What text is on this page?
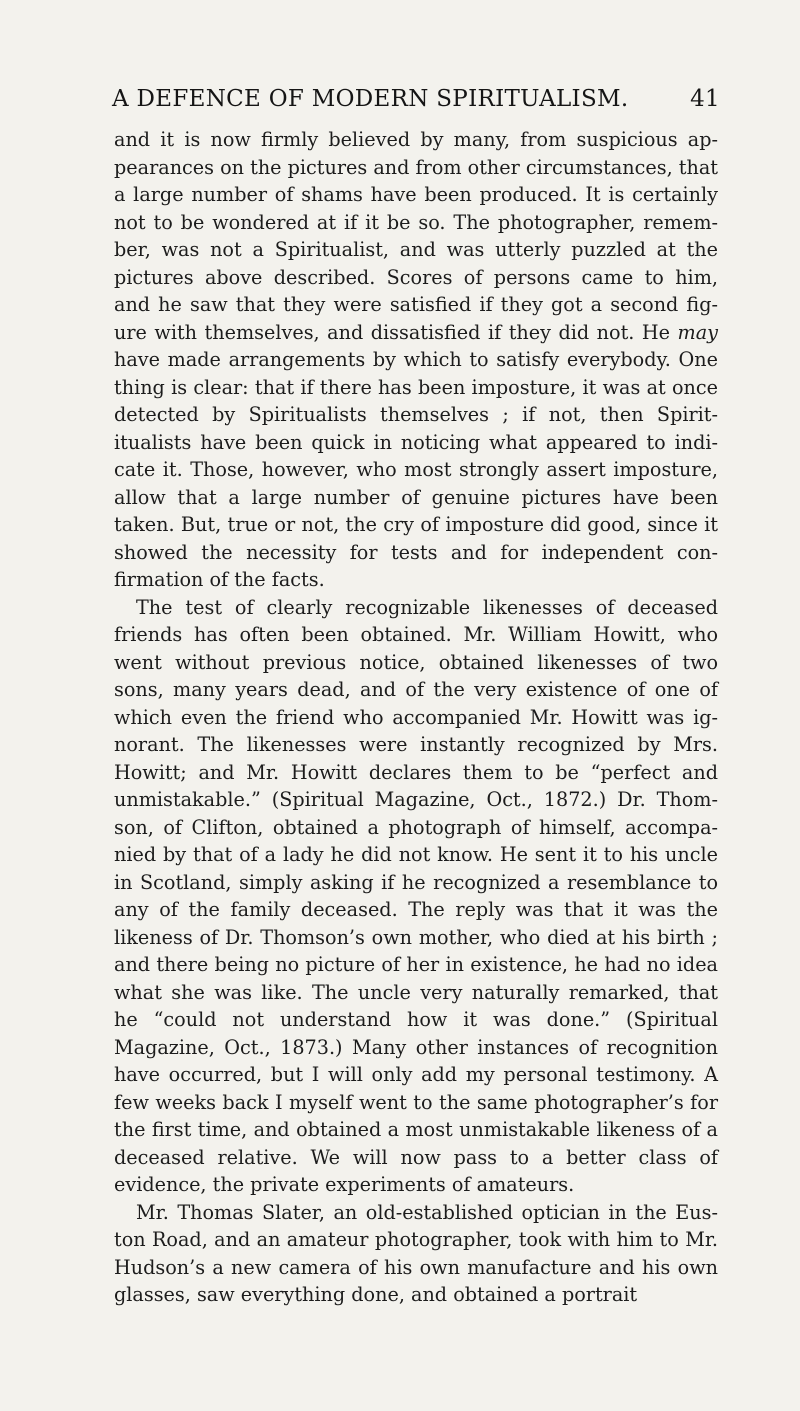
A DEFENCE OF MODERN SPIRITUALISM.	41

and it is now firmly believed by many, from suspicious appearances on the pictures and from other circumstances, that a large number of shams have been produced. It is certainly not to be wondered at if it be so. The photographer, remember, was not a Spiritualist, and was utterly puzzled at the pictures above described. Scores of persons came to him, and he saw that they were satisfied if they got a second figure with themselves, and dissatisfied if they did not. He may have made arrangements by which to satisfy everybody. One thing is clear: that if there has been imposture, it was at once detected by Spiritualists themselves ; if not, then Spirititualists have been quick in noticing what appeared to indicate it. Those, however, who most strongly assert imposture, allow that a large number of genuine pictures have been taken. But, true or not, the cry of imposture did good, since it showed the necessity for tests and for independent confirmation of the facts.

The test of clearly recognizable likenesses of deceased friends has often been obtained. Mr. William Howitt, who went without previous notice, obtained likenesses of two sons, many years dead, and of the very existence of one of which even the friend who accompanied Mr. Howitt was ignorant. The likenesses were instantly recognized by Mrs. Howitt; and Mr. Howitt declares them to be “perfect and unmistakable.” (Spiritual Magazine, Oct., 1872.) Dr. Thomson, of Clifton, obtained a photograph of himself, accompanied by that of a lady he did not know. He sent it to his uncle in Scotland, simply asking if he recognized a resemblance to any of the family deceased. The reply was that it was the likeness of Dr. Thomson’s own mother, who died at his birth ; and there being no picture of her in existence, he had no idea what she was like. The uncle very naturally remarked, that he “could not understand how it was done.” (Spiritual Magazine, Oct., 1873.) Many other instances of recognition have occurred, but I will only add my personal testimony. A few weeks back I myself went to the same photographer’s for the first time, and obtained a most unmistakable likeness of a deceased relative. We will now pass to a better class of evidence, the private experiments of amateurs.

Mr. Thomas Slater, an old-established optician in the Euston Road, and an amateur photographer, took with him to Mr. Hudson’s a new camera of his own manufacture and his own glasses, saw everything done, and obtained a portrait
